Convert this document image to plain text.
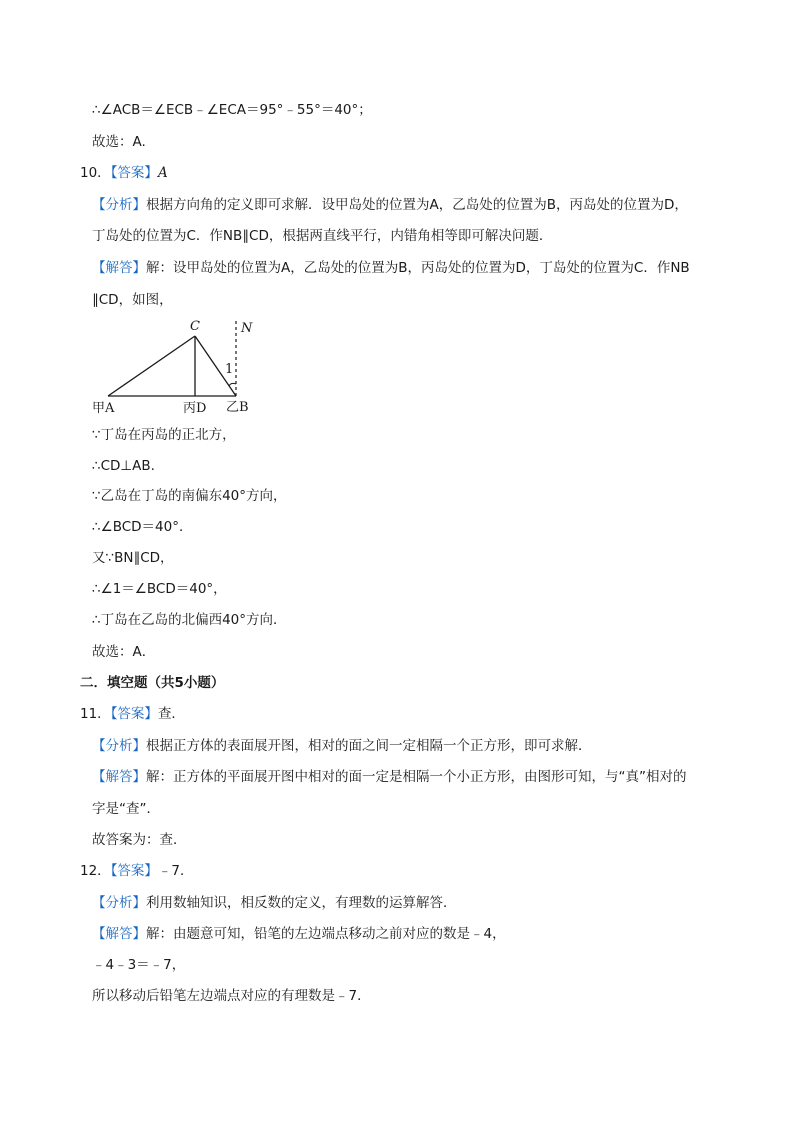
∴∠ACB＝∠ECB﹣∠ECA＝95°﹣55°＝40°；
故选：A.
10．【答案】A
【分析】根据方向角的定义即可求解．设甲岛处的位置为A，乙岛处的位置为B，丙岛处的位置为D，
丁岛处的位置为C．作NB∥CD，根据两直线平行，内错角相等即可解决问题．
【解答】解：设甲岛处的位置为A，乙岛处的位置为B，丙岛处的位置为D，丁岛处的位置为C．作NB
∥CD，如图，
C	N
1
甲A	丙D 乙B
∵丁岛在丙岛的正北方，
∴CD⊥AB.
∵乙岛在丁岛的南偏东40°方向，
∴∠BCD＝40°．
又∵BN∥CD，
∴∠1＝∠BCD＝40°，
∴丁岛在乙岛的北偏西40°方向．
故选：A．
二．填空题（共5小题）
11．【答案】查．
【分析】根据正方体的表面展开图，相对的面之间一定相隔一个正方形，即可求解．
【解答】解：正方体的平面展开图中相对的面一定是相隔一个小正方形，由图形可知，与“真”相对的
字是“查”．
故答案为：查．
12．【答案】﹣7．
【分析】利用数轴知识，相反数的定义，有理数的运算解答．
【解答】解：由题意可知，铅笔的左边端点移动之前对应的数是﹣4，
﹣4﹣3＝﹣7，
所以移动后铅笔左边端点对应的有理数是﹣7．
